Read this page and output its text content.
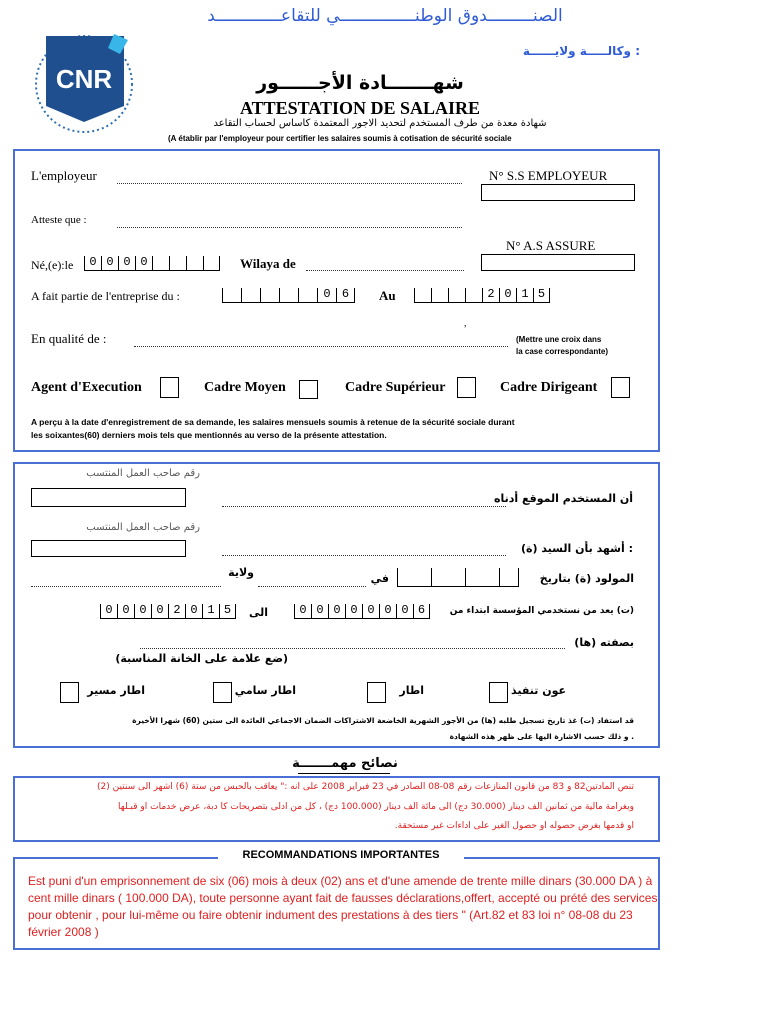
الصنـــــــــدوق الوطنـــــــــــــــي للتقاعـــــــــــــد
CNR
: وكالـــــة ولايــــــة
شهـــــــادة الأجــــــور
ATTESTATION DE SALAIRE
شهادة معدة من طرف المستخدم لتحديد الاجور المعتمدة كاساس لحساب التقاعد
(A établir par l'employeur pour certifier les salaires soumis à cotisation de sécurité sociale
L'employeur	N° S.S EMPLOYEUR
Atteste que :
N° A.S ASSURE
Né,(e):le	0 0 0 0	Wilaya de
A fait partie de l'entreprise du :	0 6	Au	2 0 1 5
,
En qualité de :	(Mettre une croix dans
la case correspondante)
Agent d'Execution	Cadre Moyen	Cadre Supérieur	Cadre Dirigeant
A perçu à la date d'enregistrement de sa demande, les salaires mensuels soumis à retenue de la sécurité sociale durant
les soixantes(60) derniers mois tels que mentionnés au verso de la présente attestation.
رقم صاحب العمل المنتسب
أن المستخدم الموقع أدناه
رقم صاحب العمل المنتسب
: أشهد بأن السيد (ة)
ولاية	في	المولود (ة) بتاريخ
0 0 0 0 2 0 1 5	الى	0 0 0 0 0 0 0 6	(ت) يعد من نستخدمي المؤسسة ابتداء من
بصفته (ها)
(ضع علامة على الخانة المناسبة)
عون تنفيذ
اطار
اطار سامي
اطار مسير
قد استفاد (ت) غذ تاريخ تسجيل طلبه (ها) من الأجور الشهرية الخاضعة الاشتراكات الضمان الاجماعي العائدة الى ستين (60) شهرا الأخيرة
. و ذلك حسب الاشارة اليها على ظهر هذه الشهادة
نصائح مهمـــــــة
تنص المادتين82 و 83 من قانون المنازعات رقم 08-08 الصادر في 23 فبراير 2008 على أنه :" يعاقب بالحبس من ستة (6) أشهر الى سنتين (2)
وبغرامة مالية من ثمانين ألف دينار (30.000 دج) الى مائة ألف دينار (100.000 دج) ، كل من أدلى بتصريحات كا دبة، عرض خدمات أو قبـلها
أو قدمها بغرض حصوله أو حصول الغير على أداءات غير مستحقة.
RECOMMANDATIONS IMPORTANTES
Est puni d'un emprisonnement de six (06) mois à deux (02) ans et d'une amende de trente mille dinars (30.000 DA ) à cent mille dinars ( 100.000 DA), toute personne ayant fait de fausses déclarations,offert, accepté ou prété des services pour obtenir , pour lui-même ou faire obtenir indument des prestations à des tiers " (Art.82 et 83 loi n° 08-08 du 23 février 2008 )
